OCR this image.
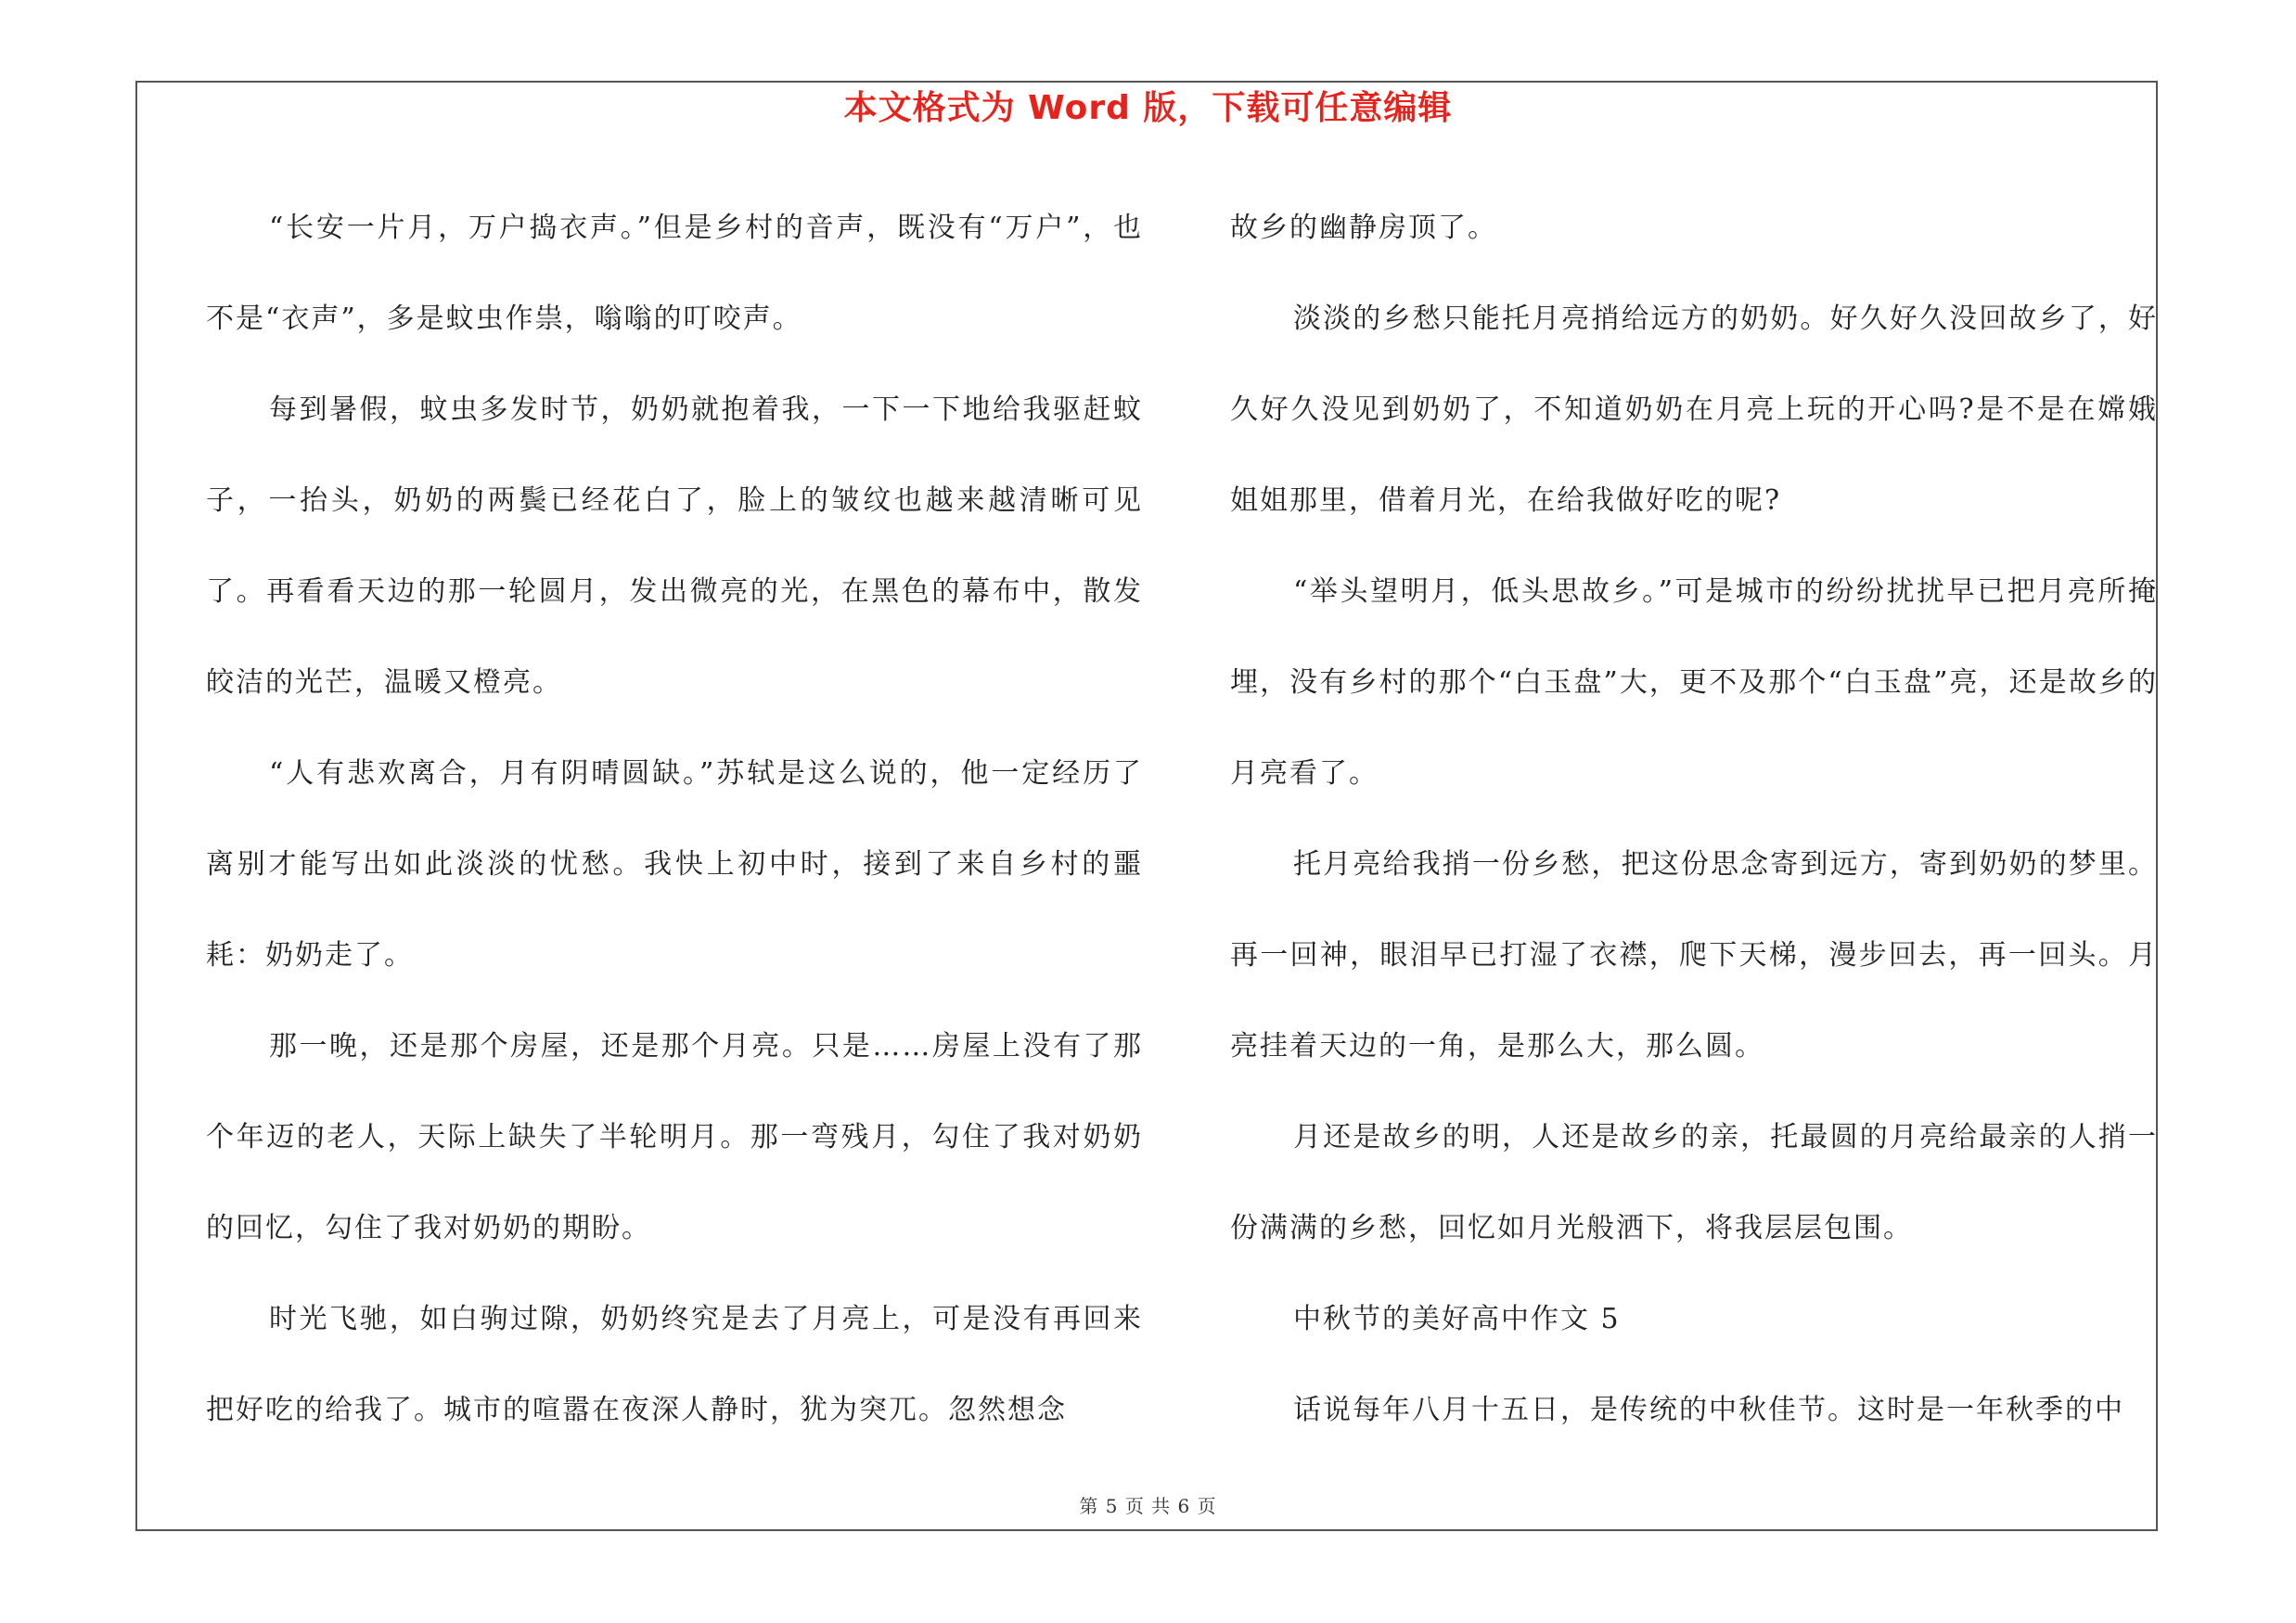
本文格式为 Word 版，下载可任意编辑

“长安一片月，万户捣衣声。”但是乡村的音声，既没有“万户”，也不是“衣声”，多是蚊虫作祟，嗡嗡的叮咬声。

每到暑假，蚊虫多发时节，奶奶就抱着我，一下一下地给我驱赶蚊子，一抬头，奶奶的两鬓已经花白了，脸上的皱纹也越来越清晰可见了。再看看天边的那一轮圆月，发出微亮的光，在黑色的幕布中，散发皎洁的光芒，温暖又橙亮。

“人有悲欢离合，月有阴晴圆缺。”苏轼是这么说的，他一定经历了离别才能写出如此淡淡的忧愁。我快上初中时，接到了来自乡村的噩耗：奶奶走了。

那一晚，还是那个房屋，还是那个月亮。只是……房屋上没有了那个年迈的老人，天际上缺失了半轮明月。那一弯残月，勾住了我对奶奶的回忆，勾住了我对奶奶的期盼。

时光飞驰，如白驹过隙，奶奶终究是去了月亮上，可是没有再回来把好吃的给我了。城市的喧嚣在夜深人静时，犹为突兀。忽然想念

故乡的幽静房顶了。

淡淡的乡愁只能托月亮捎给远方的奶奶。好久好久没回故乡了，好久好久没见到奶奶了，不知道奶奶在月亮上玩的开心吗?是不是在嫦娥姐姐那里，借着月光，在给我做好吃的呢?

“举头望明月，低头思故乡。”可是城市的纷纷扰扰早已把月亮所掩埋，没有乡村的那个“白玉盘”大，更不及那个“白玉盘”亮，还是故乡的月亮看了。

托月亮给我捎一份乡愁，把这份思念寄到远方，寄到奶奶的梦里。再一回神，眼泪早已打湿了衣襟，爬下天梯，漫步回去，再一回头。月亮挂着天边的一角，是那么大，那么圆。

月还是故乡的明，人还是故乡的亲，托最圆的月亮给最亲的人捎一份满满的乡愁，回忆如月光般洒下，将我层层包围。

中秋节的美好高中作文 5

话说每年八月十五日，是传统的中秋佳节。这时是一年秋季的中

第 5 页 共 6 页
